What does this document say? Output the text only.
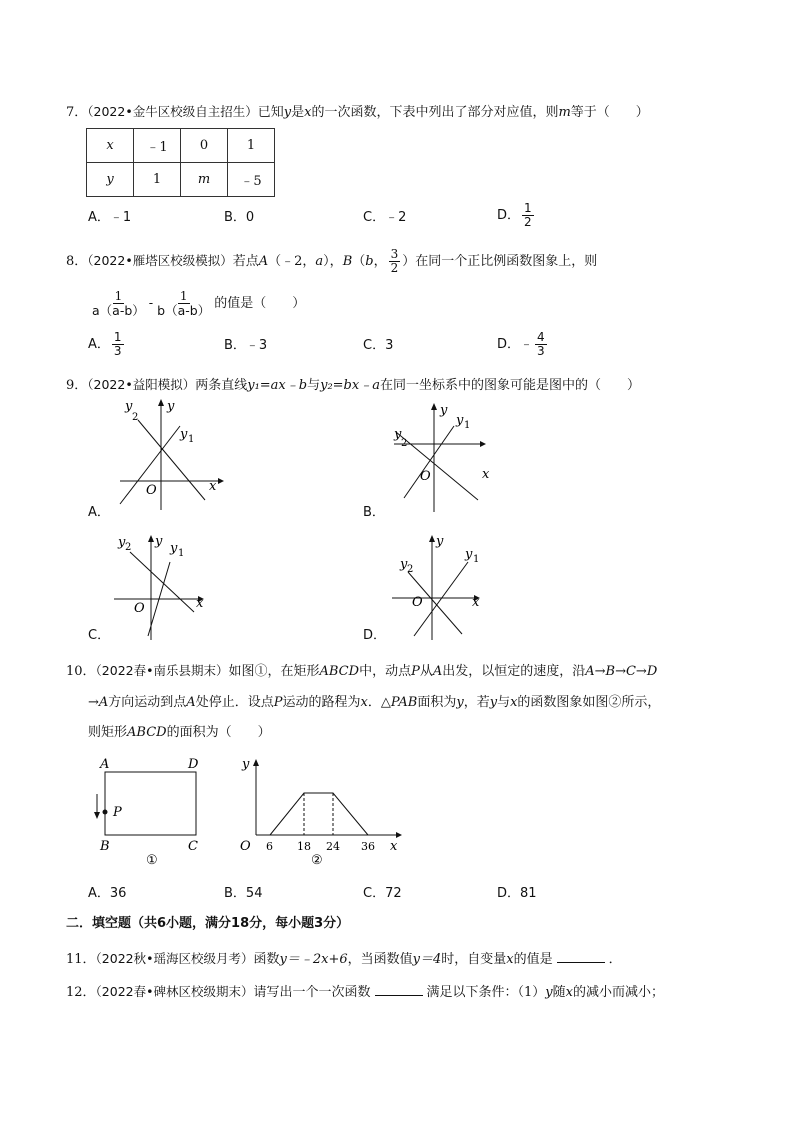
7．（2022•金牛区校级自主招生）已知y是x的一次函数，下表中列出了部分对应值，则m等于（　　）
x	﹣1	0	1
y	1	m	﹣5
A．﹣1	B．0	C．﹣2	D． $\frac{1}{2}$
8．（2022•雁塔区校级模拟）若点A（﹣2，a），B（b， $\frac{3}{2}$ ）在同一个正比例函数图象上，则
$\frac{1}{a(a-b)} - \frac{1}{b(a-b)}$ 的值是（　　）
A． $\frac{1}{3}$	B．﹣3	C．3	D．﹣ $\frac{4}{3}$
9．（2022•益阳模拟）两条直线y₁=ax﹣b与y₂=bx﹣a在同一坐标系中的图象可能是图中的（　　）
x
y
O
y 1
y
2
A．
x
y
O
y 1
y
2
B．
x
y
O
y 1
y 2
C．
x
y
O
y 1
y 2
D．
10．（2022春•南乐县期末）如图①，在矩形ABCD中，动点P从A出发，以恒定的速度，沿A→B→C→D
→A方向运动到点A处停止．设点P运动的路程为x．△PAB面积为y，若y与x的函数图象如图②所示，
则矩形ABCD的面积为（　　）
A	D
P
B	C
①
y
O	x
6 18 24 36
②
A．36	B．54	C．72	D．81
二．填空题（共6小题，满分18分，每小题3分）
11．（2022秋•瑶海区校级月考）函数y＝﹣2x+6，当函数值y＝4时，自变量x的值是	．
12．（2022春•碑林区校级期末）请写出一个一次函数	满足以下条件：（1）y随x的减小而减小；
